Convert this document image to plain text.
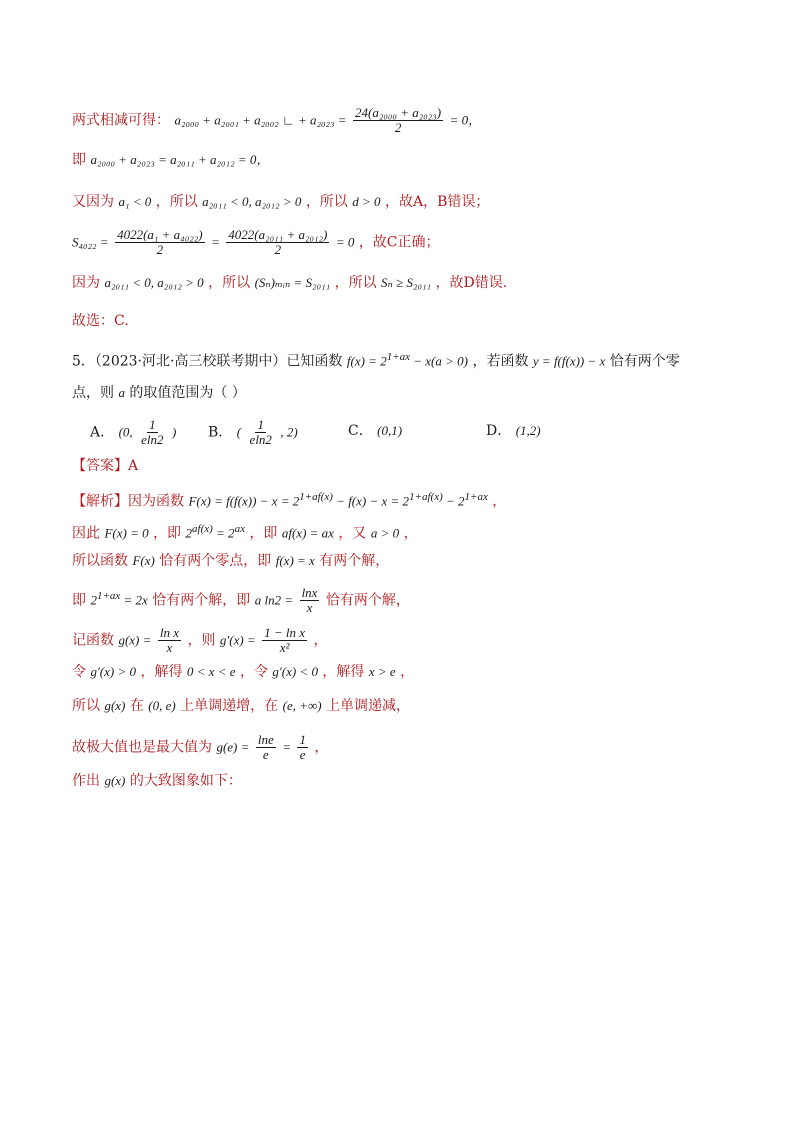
两式相减可得： a₂₀₀₀ + a₂₀₀₁ + a₂₀₀₂ ∟ + $a_{2023} = \frac{\text{24(a₂₀₀₀ + a₂₀₂₃)}}{2} = 0$，
即 a₂₀₀₀ + a₂₀₂₃ = a₂₀₁₁ + a₂₀₁₂ = 0，
又因为 a₁ < 0 ，所以 a₂₀₁₁ < 0, a₂₀₁₂ > 0 ，所以 d > 0 ，故A，B错误；
$S_{4022} = \frac{\text{4022(a₁ + a₄₀₂₂)}}{2} = \frac{\text{4022(a₂₀₁₁ + a₂₀₁₂)}}{2} = 0$ ，故C正确；
因为 a₂₀₁₁ < 0, a₂₀₁₂ > 0 ，所以 (Sₙ)ₘᵢₙ = S₂₀₁₁ ，所以 Sₙ ≥ S₂₀₁₁ ，故D错误.
故选：C.
5．（2023·河北·高三校联考期中）已知函数 $f(x) = 2^{1+ax} - x(a > 0)$ ，若函数 y = f(f(x)) − x 恰有两个零
点，则 a 的取值范围为（ ）
A． (0, $\frac{1}{eln2}$ ) B． ( $\frac{1}{eln2}$ , 2)	C． (0,1)	D． (1,2)
【答案】A
【解析】因为函数 $F(x) = f(f(x)) - x = 2^{1+af(x)} - f(x) - x = 2^{1+af(x)} - 2^{1+ax}$ ，
因此 F(x) = 0 ，即 $2^{af(x)} = 2^{ax}$ ，即 af(x) = ax ，又 a > 0 ，
所以函数 F(x) 恰有两个零点，即 f(x) = x 有两个解，
即 $2^{1+ax} = 2x$ 恰有两个解，即 a $\ln 2 = \frac{\ln x}{x}$ 恰有两个解，
记函数 $g(x) = \frac{\text{ln x}}{x}$ ，则 $g'(x) = \frac{\text{1 − ln x}}{\text{x²}}$ ，
令 g′(x) > 0 ，解得 0 < x < e ，令 g′(x) < 0 ，解得 x > e ，
所以 g(x) 在 (0, e) 上单调递增，在 (e, +∞) 上单调递减，
故极大值也是最大值为 $g(e) = \frac{\ln e}{e} = \frac{1}{e}$ ，
作出 g(x) 的大致图象如下：
